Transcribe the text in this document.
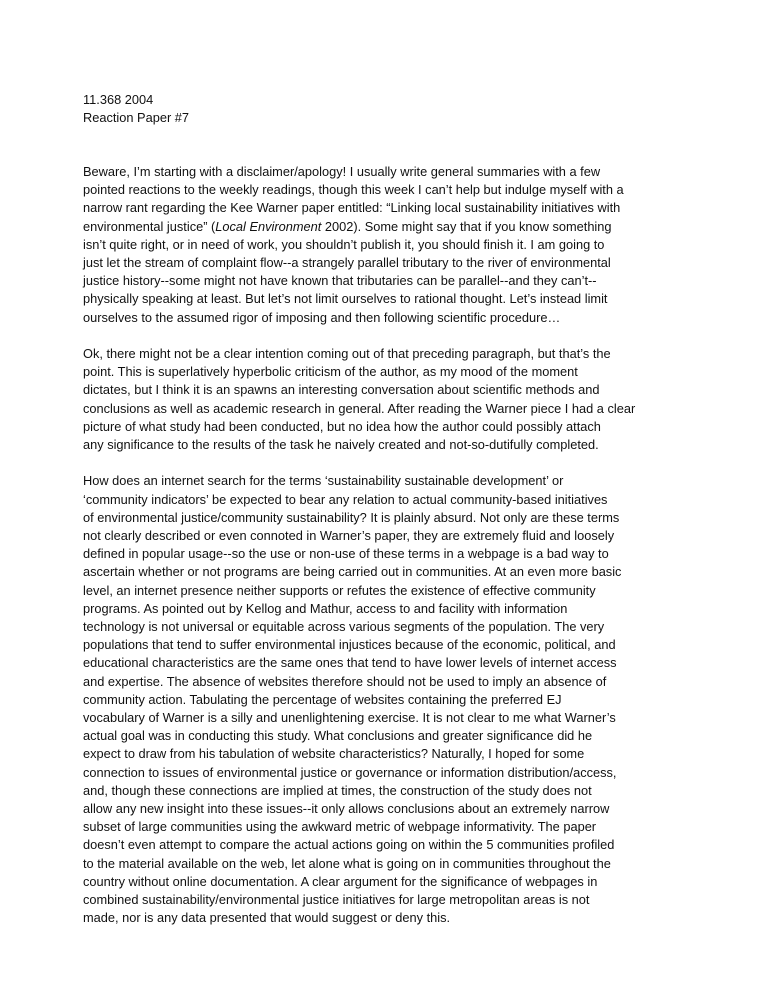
11.368 2004
Reaction Paper #7
Beware, I’m starting with a disclaimer/apology! I usually write general summaries with a few
pointed reactions to the weekly readings, though this week I can’t help but indulge myself with a
narrow rant regarding the Kee Warner paper entitled: “Linking local sustainability initiatives with
environmental justice” (Local Environment 2002). Some might say that if you know something
isn’t quite right, or in need of work, you shouldn’t publish it, you should finish it. I am going to
just let the stream of complaint flow--a strangely parallel tributary to the river of environmental
justice history--some might not have known that tributaries can be parallel--and they can’t--
physically speaking at least. But let’s not limit ourselves to rational thought. Let’s instead limit
ourselves to the assumed rigor of imposing and then following scientific procedure…
Ok, there might not be a clear intention coming out of that preceding paragraph, but that’s the
point. This is superlatively hyperbolic criticism of the author, as my mood of the moment
dictates, but I think it is an spawns an interesting conversation about scientific methods and
conclusions as well as academic research in general. After reading the Warner piece I had a clear
picture of what study had been conducted, but no idea how the author could possibly attach
any significance to the results of the task he naively created and not-so-dutifully completed.
How does an internet search for the terms ‘sustainability sustainable development’ or
‘community indicators’ be expected to bear any relation to actual community-based initiatives
of environmental justice/community sustainability? It is plainly absurd. Not only are these terms
not clearly described or even connoted in Warner’s paper, they are extremely fluid and loosely
defined in popular usage--so the use or non-use of these terms in a webpage is a bad way to
ascertain whether or not programs are being carried out in communities. At an even more basic
level, an internet presence neither supports or refutes the existence of effective community
programs. As pointed out by Kellog and Mathur, access to and facility with information
technology is not universal or equitable across various segments of the population. The very
populations that tend to suffer environmental injustices because of the economic, political, and
educational characteristics are the same ones that tend to have lower levels of internet access
and expertise. The absence of websites therefore should not be used to imply an absence of
community action. Tabulating the percentage of websites containing the preferred EJ
vocabulary of Warner is a silly and unenlightening exercise. It is not clear to me what Warner’s
actual goal was in conducting this study. What conclusions and greater significance did he
expect to draw from his tabulation of website characteristics? Naturally, I hoped for some
connection to issues of environmental justice or governance or information distribution/access,
and, though these connections are implied at times, the construction of the study does not
allow any new insight into these issues--it only allows conclusions about an extremely narrow
subset of large communities using the awkward metric of webpage informativity. The paper
doesn’t even attempt to compare the actual actions going on within the 5 communities profiled
to the material available on the web, let alone what is going on in communities throughout the
country without online documentation. A clear argument for the significance of webpages in
combined sustainability/environmental justice initiatives for large metropolitan areas is not
made, nor is any data presented that would suggest or deny this.
